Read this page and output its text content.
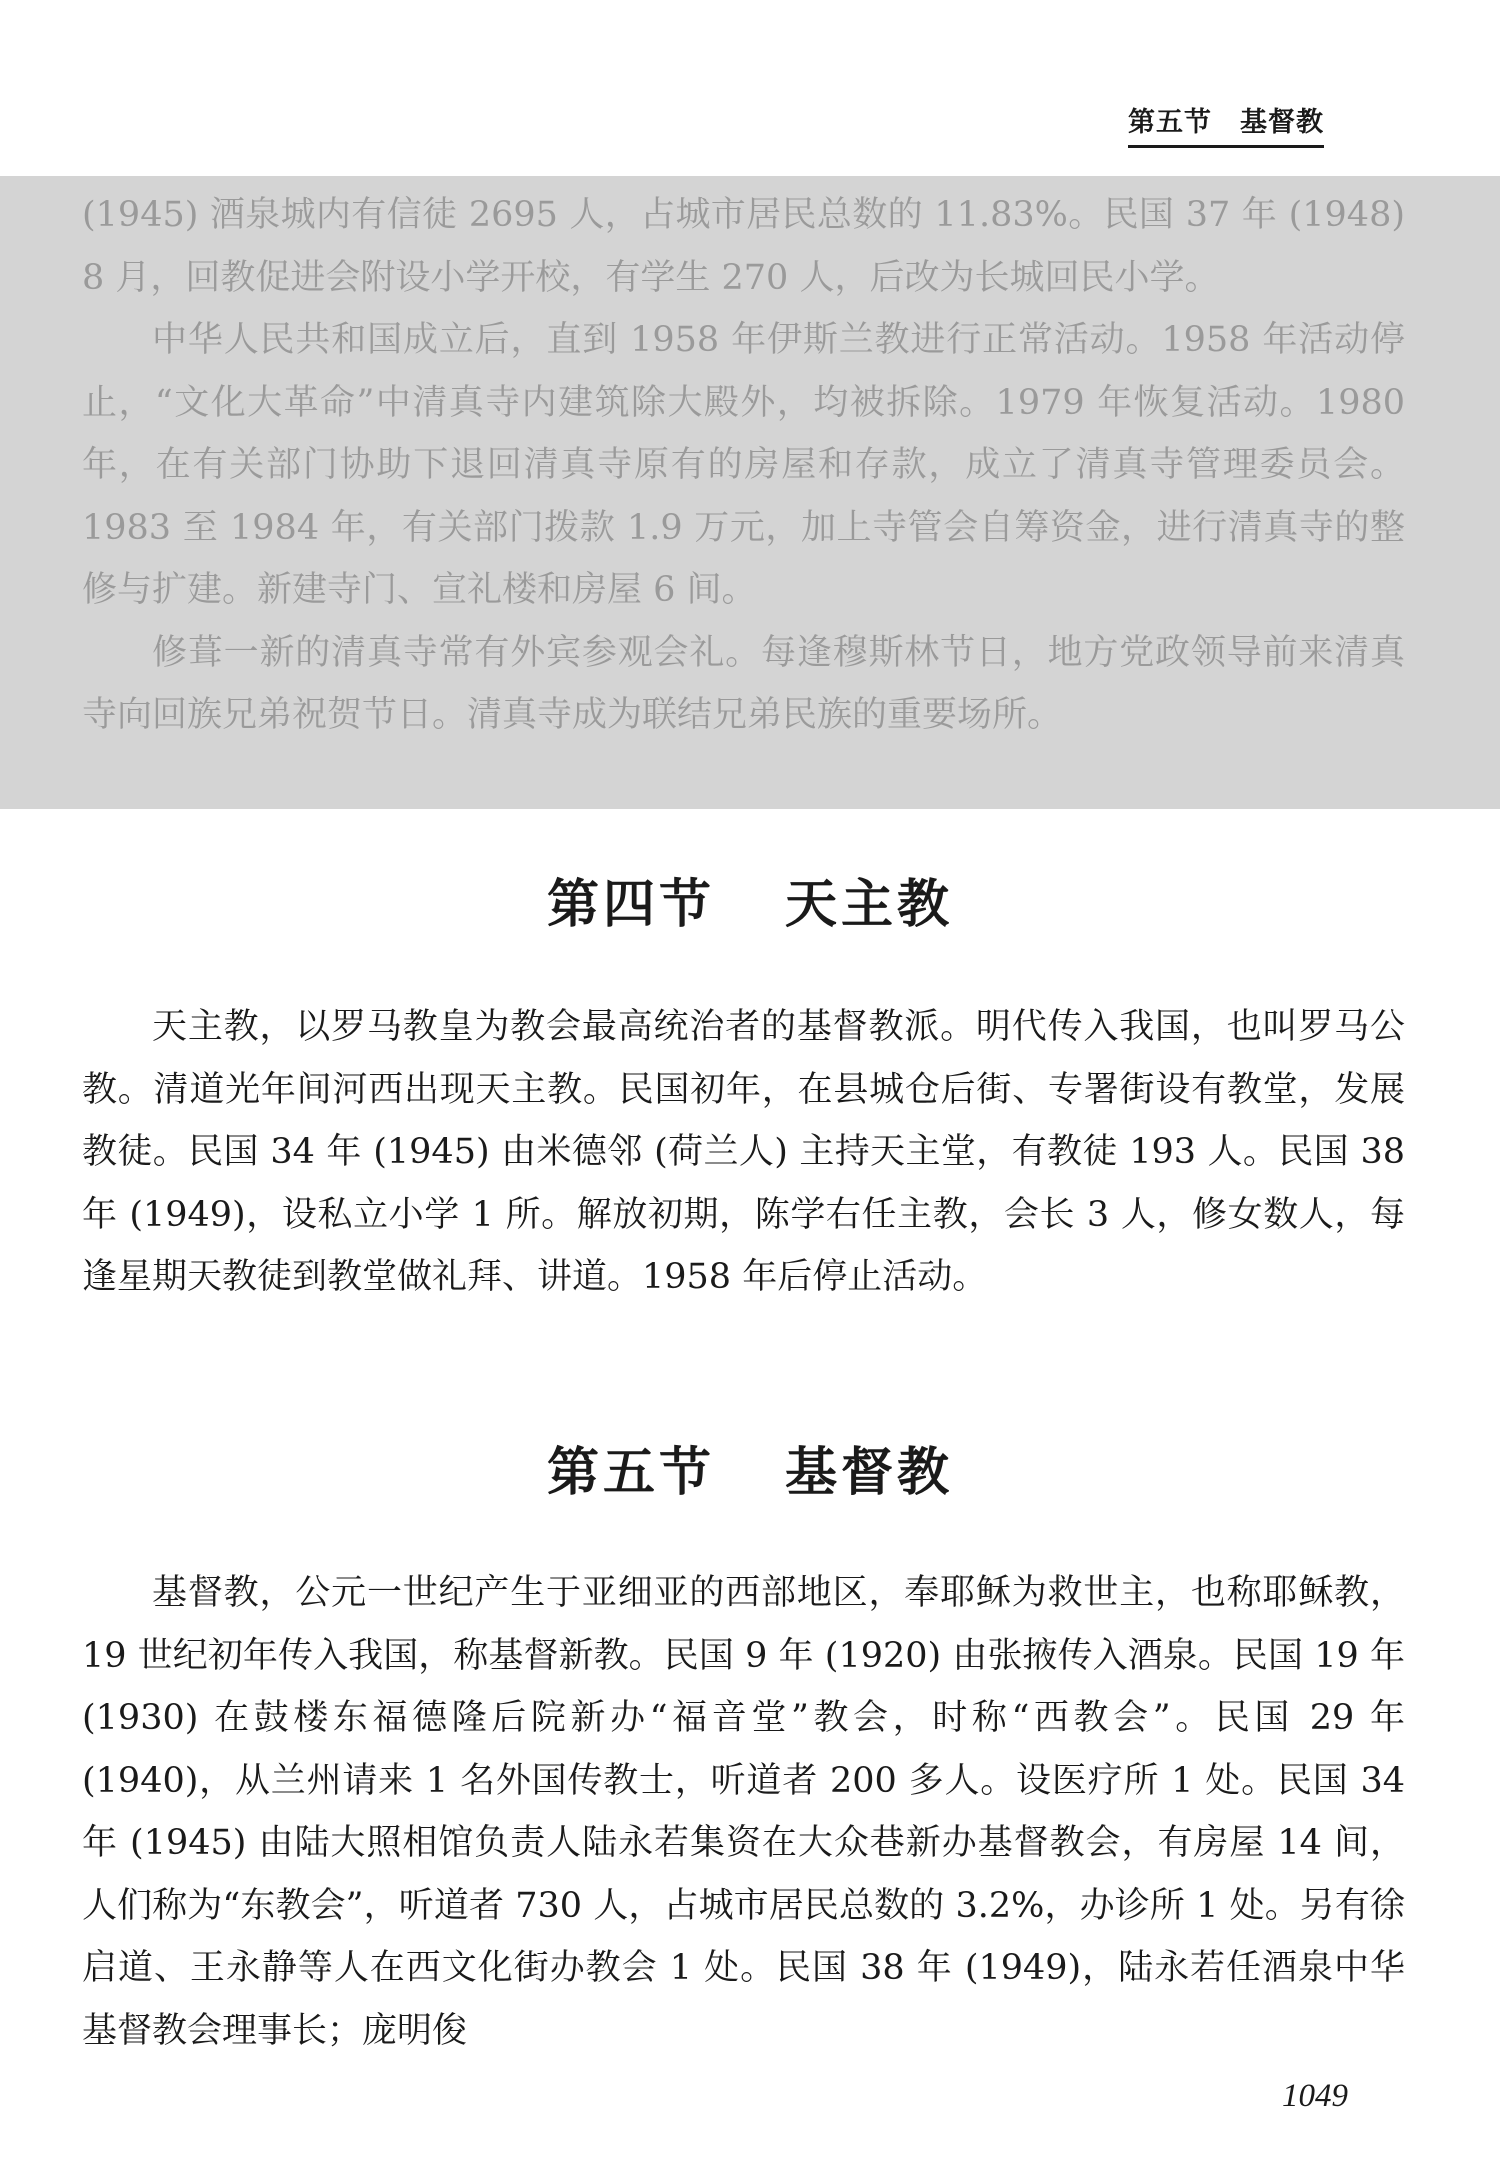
第五节 基督教

(1945) 酒泉城内有信徒 2695 人，占城市居民总数的 11.83%。民国 37 年 (1948) 8 月，回教促进会附设小学开校，有学生 270 人，后改为长城回民小学。

中华人民共和国成立后，直到 1958 年伊斯兰教进行正常活动。1958 年活动停止，“文化大革命”中清真寺内建筑除大殿外，均被拆除。1979 年恢复活动。1980 年，在有关部门协助下退回清真寺原有的房屋和存款，成立了清真寺管理委员会。1983 至 1984 年，有关部门拨款 1.9 万元，加上寺管会自筹资金，进行清真寺的整修与扩建。新建寺门、宣礼楼和房屋 6 间。

修葺一新的清真寺常有外宾参观会礼。每逢穆斯林节日，地方党政领导前来清真寺向回族兄弟祝贺节日。清真寺成为联结兄弟民族的重要场所。

第四节 天主教

天主教，以罗马教皇为教会最高统治者的基督教派。明代传入我国，也叫罗马公教。清道光年间河西出现天主教。民国初年，在县城仓后街、专署街设有教堂，发展教徒。民国 34 年 (1945) 由米德邻 (荷兰人) 主持天主堂，有教徒 193 人。民国 38 年 (1949)，设私立小学 1 所。解放初期，陈学右任主教，会长 3 人，修女数人，每逢星期天教徒到教堂做礼拜、讲道。1958 年后停止活动。

第五节 基督教

基督教，公元一世纪产生于亚细亚的西部地区，奉耶稣为救世主，也称耶稣教，19 世纪初年传入我国，称基督新教。民国 9 年 (1920) 由张掖传入酒泉。民国 19 年 (1930) 在鼓楼东福德隆后院新办“福音堂”教会，时称“西教会”。民国 29 年 (1940)，从兰州请来 1 名外国传教士，听道者 200 多人。设医疗所 1 处。民国 34 年 (1945) 由陆大照相馆负责人陆永若集资在大众巷新办基督教会，有房屋 14 间，人们称为“东教会”，听道者 730 人，占城市居民总数的 3.2%，办诊所 1 处。另有徐启道、王永静等人在西文化街办教会 1 处。民国 38 年 (1949)，陆永若任酒泉中华基督教会理事长；庞明俊

1049
